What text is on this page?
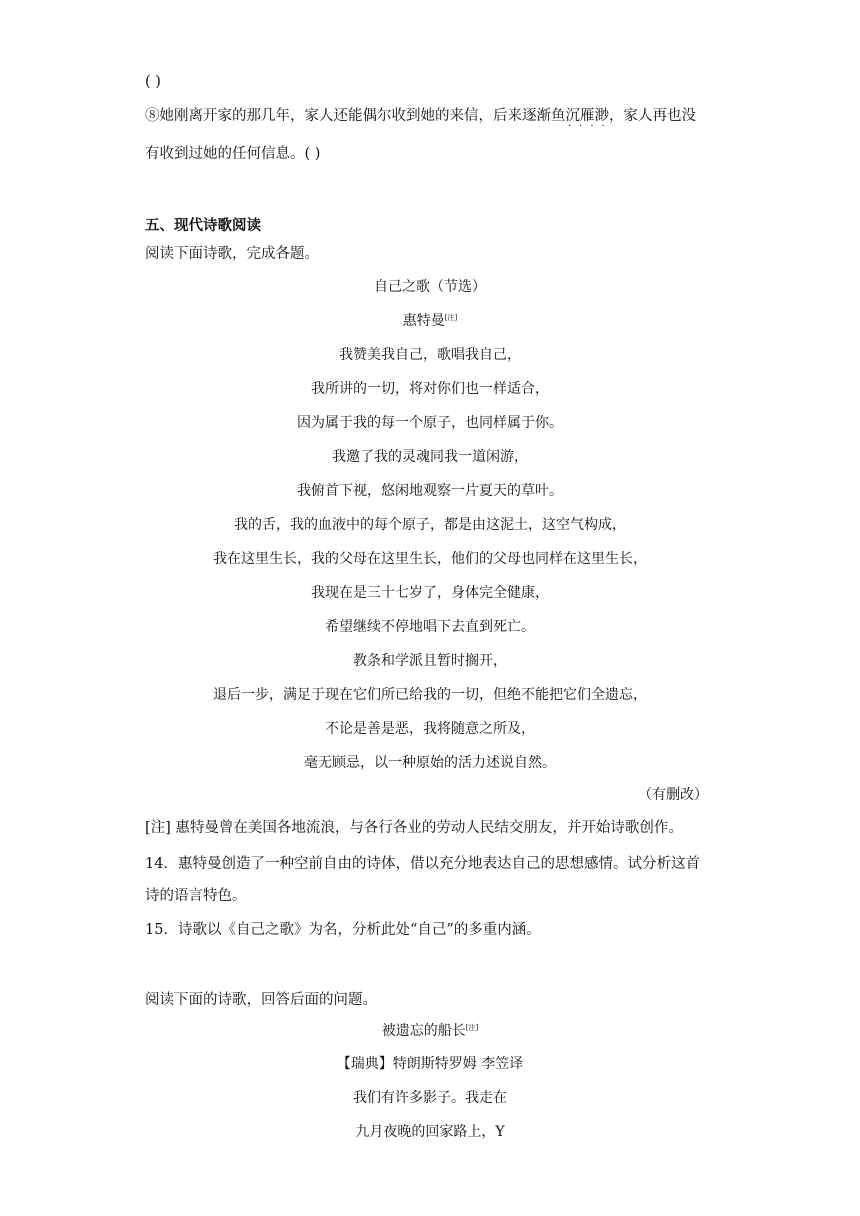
( )
⑧她刚离开家的那几年，家人还能偶尔收到她的来信，后来逐渐鱼沉雁渺，家人再也没
····
有收到过她的任何信息。( )
五、现代诗歌阅读
阅读下面诗歌，完成各题。
自己之歌（节选）
惠特曼[注]
我赞美我自己，歌唱我自己，
我所讲的一切，将对你们也一样适合，
因为属于我的每一个原子，也同样属于你。
我邀了我的灵魂同我一道闲游，
我俯首下视，悠闲地观察一片夏天的草叶。
我的舌，我的血液中的每个原子，都是由这泥土，这空气构成，
我在这里生长，我的父母在这里生长，他们的父母也同样在这里生长，
我现在是三十七岁了，身体完全健康，
希望继续不停地唱下去直到死亡。
教条和学派且暂时搁开，
退后一步，满足于现在它们所已给我的一切，但绝不能把它们全遗忘，
不论是善是恶，我将随意之所及，
毫无顾忌，以一种原始的活力述说自然。
（有删改）
[注] 惠特曼曾在美国各地流浪，与各行各业的劳动人民结交朋友，并开始诗歌创作。
14．惠特曼创造了一种空前自由的诗体，借以充分地表达自己的思想感情。试分析这首
诗的语言特色。
15．诗歌以《自己之歌》为名，分析此处“自己”的多重内涵。
阅读下面的诗歌，回答后面的问题。
被遗忘的船长[注]
【瑞典】特朗斯特罗姆 李笠译
我们有许多影子。我走在
九月夜晚的回家路上，Y
